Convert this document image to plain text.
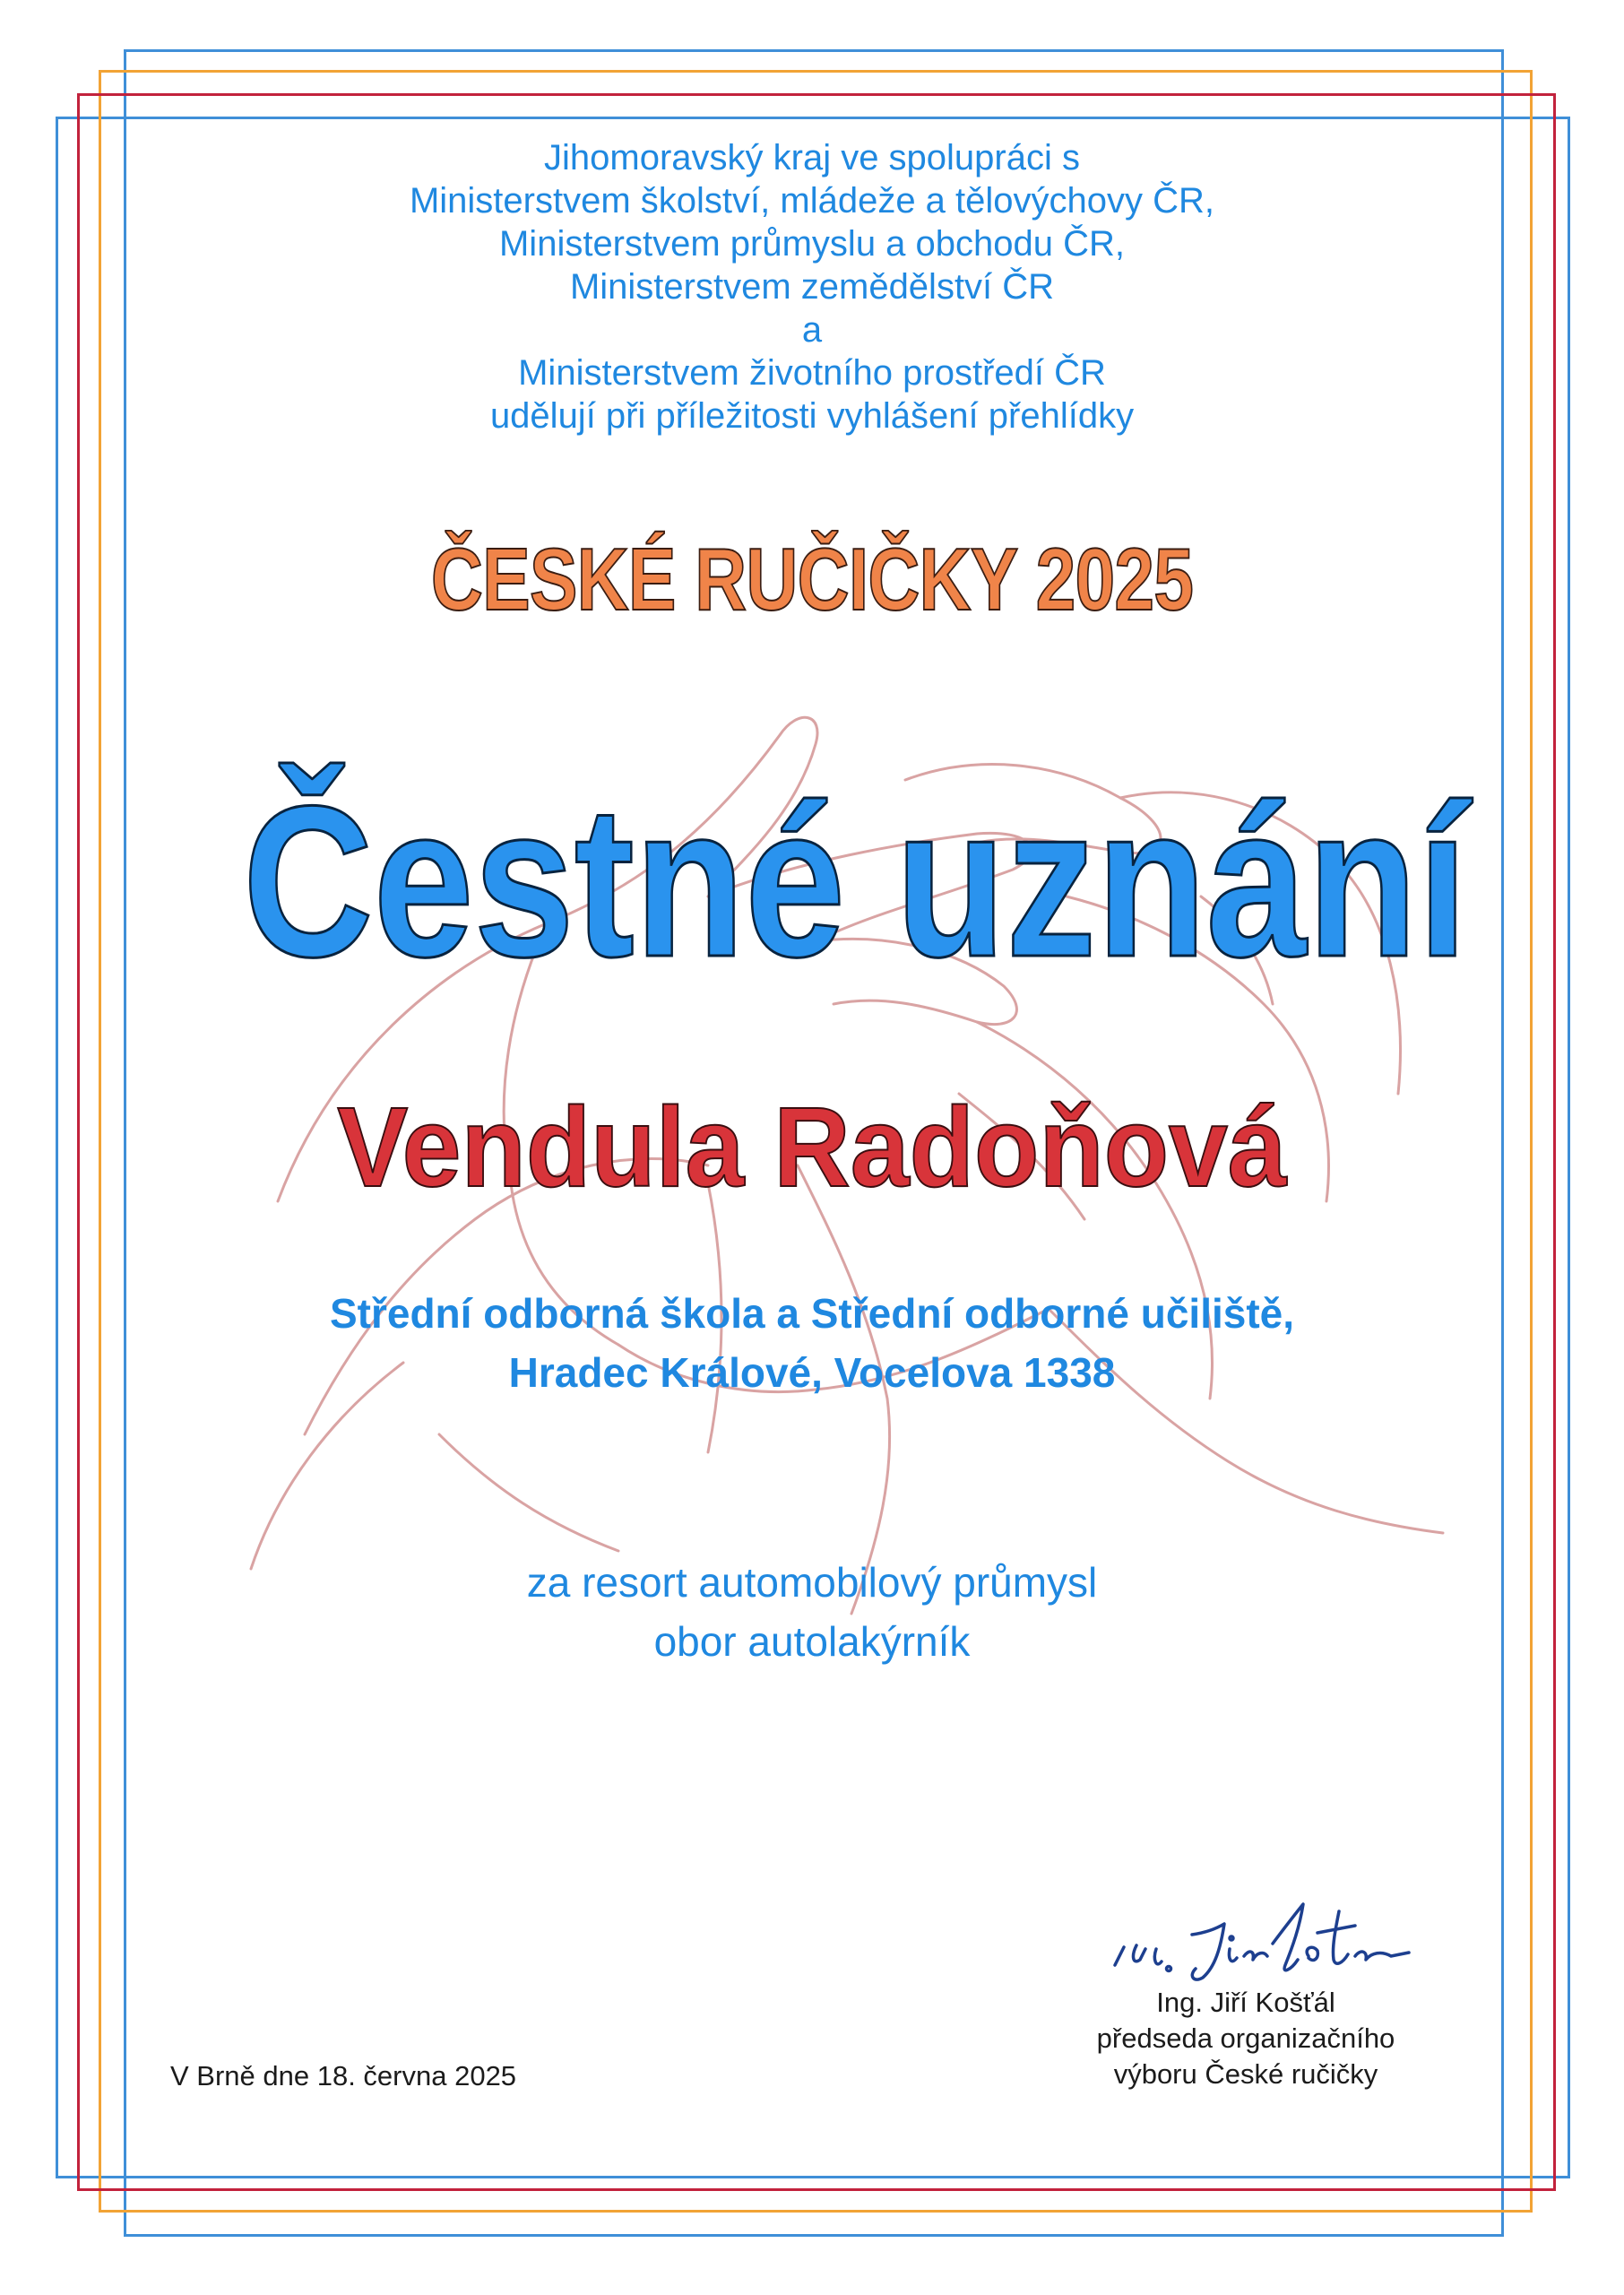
Jihomoravský kraj ve spolupráci s
Ministerstvem školství, mládeže a tělovýchovy ČR,
Ministerstvem průmyslu a obchodu ČR,
Ministerstvem zemědělství ČR
a
Ministerstvem životního prostředí ČR
udělují při příležitosti vyhlášení přehlídky
ČESKÉ RUČIČKY 2025
Čestné uznání
Vendula Radoňová
Střední odborná škola a Střední odborné učiliště,
Hradec Králové, Vocelova 1338
za resort automobilový průmysl
obor autolakýrník
Ing. Jiří Košťál
předseda organizačního
výboru České ručičky
V Brně dne 18. června 2025
